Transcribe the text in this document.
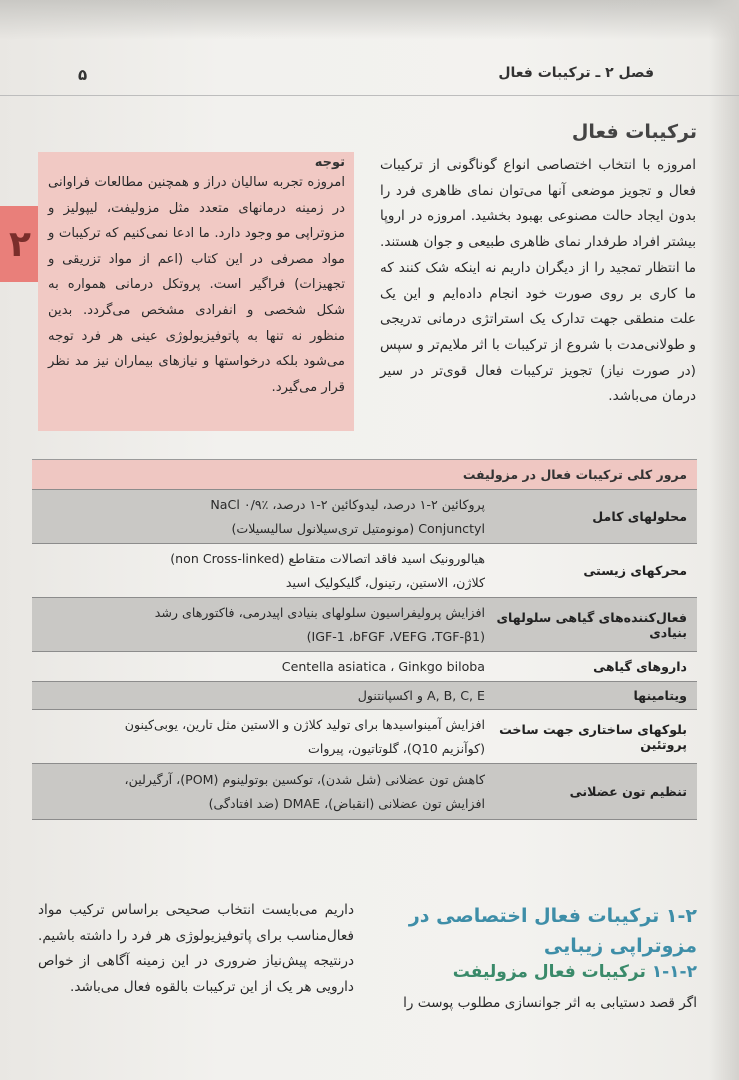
۵	فصل ۲ ـ ترکیبات فعال
۲
ترکیبات فعال
امروزه با انتخاب اختصاصی انواع گوناگونی از ترکیبات فعال و تجویز موضعی آنها می‌توان نمای ظاهری فرد را بدون ایجاد حالت مصنوعی بهبود بخشید. امروزه در اروپا بیشتر افراد طرفدار نمای ظاهری طبیعی و جوان هستند. ما انتظار تمجید را از دیگران داریم نه اینکه شک کنند که ما کاری بر روی صورت خود انجام داده‌ایم و این یک علت منطقی جهت تدارک یک استراتژی درمانی تدریجی و طولانی‌مدت با شروع از ترکیبات با اثر ملایم‌تر و سپس (در صورت نیاز) تجویز ترکیبات فعال قوی‌تر در سیر درمان می‌باشد.
توجه
امروزه تجربه سالیان دراز و همچنین مطالعات فراوانی در زمینه درمانهای متعدد مثل مزولیفت، لیپولیز و مزوتراپی مو وجود دارد. ما ادعا نمی‌کنیم که ترکیبات و مواد مصرفی در این کتاب (اعم از مواد تزریقی و تجهیزات) فراگیر است. پروتکل درمانی همواره به شکل شخصی و انفرادی مشخص می‌گردد. بدین منظور نه تنها به پاتوفیزیولوژی عینی هر فرد توجه می‌شود بلکه درخواستها و نیازهای بیماران نیز مد نظر قرار می‌گیرد.
مرور کلی ترکیبات فعال در مزولیفت
محلولهای کامل
پروکائین ۲-۱ درصد، لیدوکائین ۲-۱ درصد، NaCl ۰/۹٪
Conjunctyl (مونومتیل تری‌سیلانول سالیسیلات)
محرکهای زیستی
هیالورونیک اسید فاقد اتصالات متقاطع (non Cross-linked)
کلاژن، الاستین، رتینول، گلیکولیک اسید
فعال‌کننده‌های گیاهی سلولهای بنیادی
افزایش پرولیفراسیون سلولهای بنیادی اپیدرمی، فاکتورهای رشد
(IGF-1 ،bFGF ،VEFG ،TGF-β1)
داروهای گیاهی
Centella asiatica ، Ginkgo biloba
ویتامینها
A, B, C, E و اکسپانتنول
بلوکهای ساختاری جهت ساخت پروتئین
افزایش آمینواسیدها برای تولید کلاژن و الاستین مثل تارین، یوبی‌کینون
(کوآنزیم Q10)، گلوتاتیون، پیروات
تنظیم تون عضلانی
کاهش تون عضلانی (شل شدن)، توکسین بوتولینوم (POM)، آرگیرلین،
افزایش تون عضلانی (انقباض)، DMAE (ضد افتادگی)
۱-۲ ترکیبات فعال اختصاصی در مزوتراپی زیبایی
۱-۱-۲ ترکیبات فعال مزولیفت
اگر قصد دستیابی به اثر جوانسازی مطلوب پوست را
داریم می‌بایست انتخاب صحیحی براساس ترکیب مواد فعال‌مناسب برای پاتوفیزیولوژی هر فرد را داشته باشیم. درنتیجه پیش‌نیاز ضروری در این زمینه آگاهی از خواص دارویی هر یک از این ترکیبات بالقوه فعال می‌باشد.
